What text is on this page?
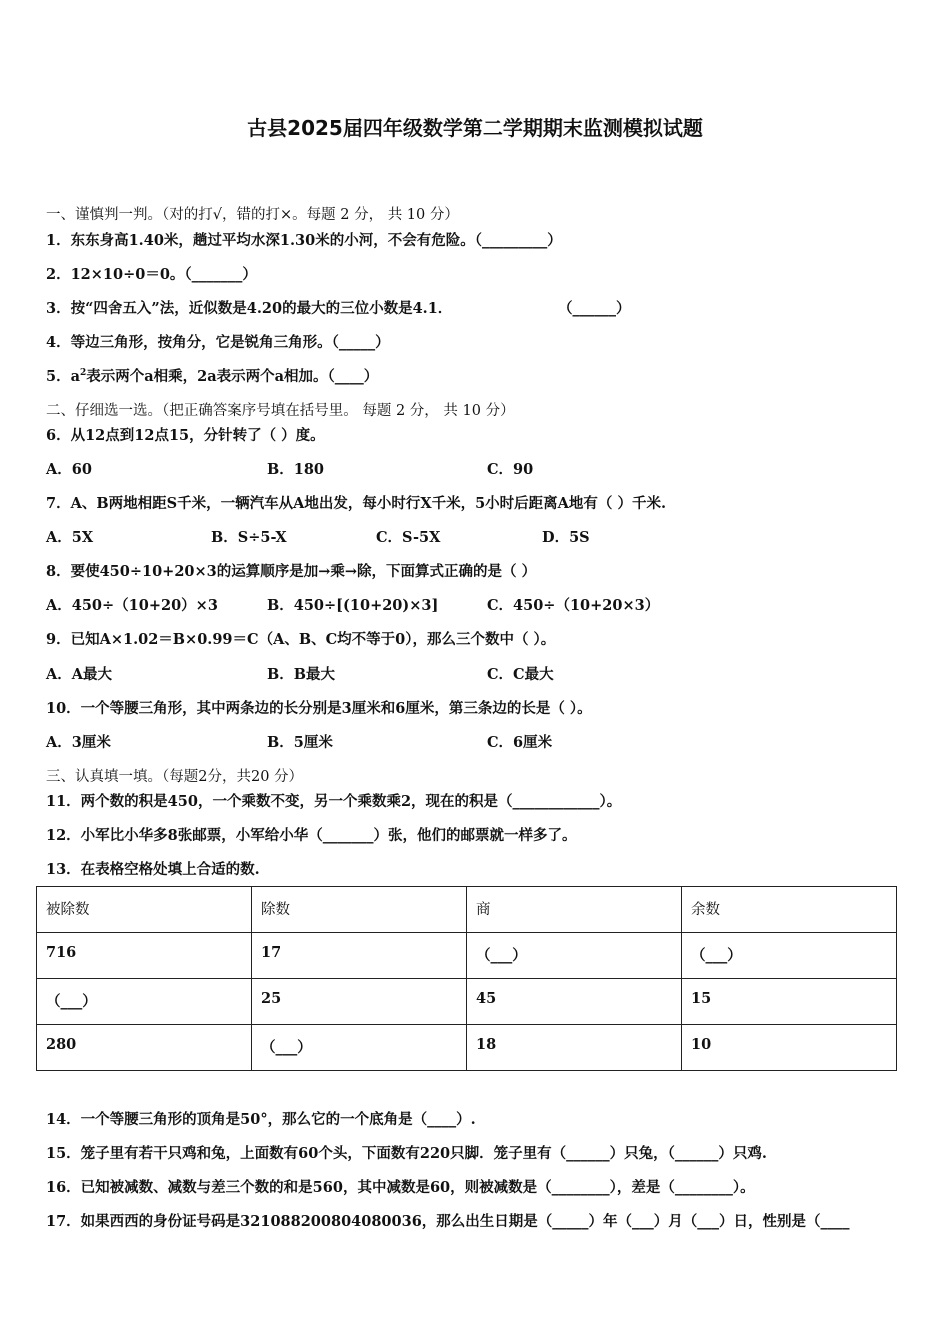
古县2025届四年级数学第二学期期末监测模拟试题
一、谨慎判一判。（对的打√，错的打×。每题 2 分， 共 10 分）
1．东东身高1.40米，趟过平均水深1.30米的小河，不会有危险。（_________）
2．12×10÷0＝0。（_______）
3．按“四舍五入”法，近似数是4.20的最大的三位小数是4.1．	（______）
4．等边三角形，按角分，它是锐角三角形。（_____）
5．$a^2$表示两个a相乘，2a表示两个a相加。（____）
二、仔细选一选。（把正确答案序号填在括号里。 每题 2 分， 共 10 分）
6．从12点到12点15，分针转了（ ）度。
A．60	B．180	C．90
7．A、B两地相距S千米，一辆汽车从A地出发，每小时行X千米，5小时后距离A地有（ ）千米.
A．5X	B．S÷5-X	C．S-5X	D．5S
8．要使450÷10+20×3的运算顺序是加→乘→除，下面算式正确的是（ ）
A．450÷（10+20）×3	B．450÷[(10+20)×3]	C．450÷（10+20×3）
9．已知A×1.02＝B×0.99＝C（A、B、C均不等于0），那么三个数中（ ）。
A．A最大	B．B最大	C．C最大
10．一个等腰三角形，其中两条边的长分别是3厘米和6厘米，第三条边的长是（ ）。
A．3厘米	B．5厘米	C．6厘米
三、认真填一填。（每题2分，共20 分）
11．两个数的积是450，一个乘数不变，另一个乘数乘2，现在的积是（____________）。
12．小军比小华多8张邮票，小军给小华（_______）张，他们的邮票就一样多了。
13．在表格空格处填上合适的数.
被除数	除数	商	余数
716	17	（___）	（___）
（___）	25	45	15
280	（___）	18	10
14．一个等腰三角形的顶角是50°，那么它的一个底角是（____）.
15．笼子里有若干只鸡和兔，上面数有60个头，下面数有220只脚．笼子里有（______）只兔，（______）只鸡.
16．已知被减数、减数与差三个数的和是560，其中减数是60，则被减数是（________），差是（________）。
17．如果西西的身份证号码是321088200804080036，那么出生日期是（_____）年（___）月（___）日，性别是（____
